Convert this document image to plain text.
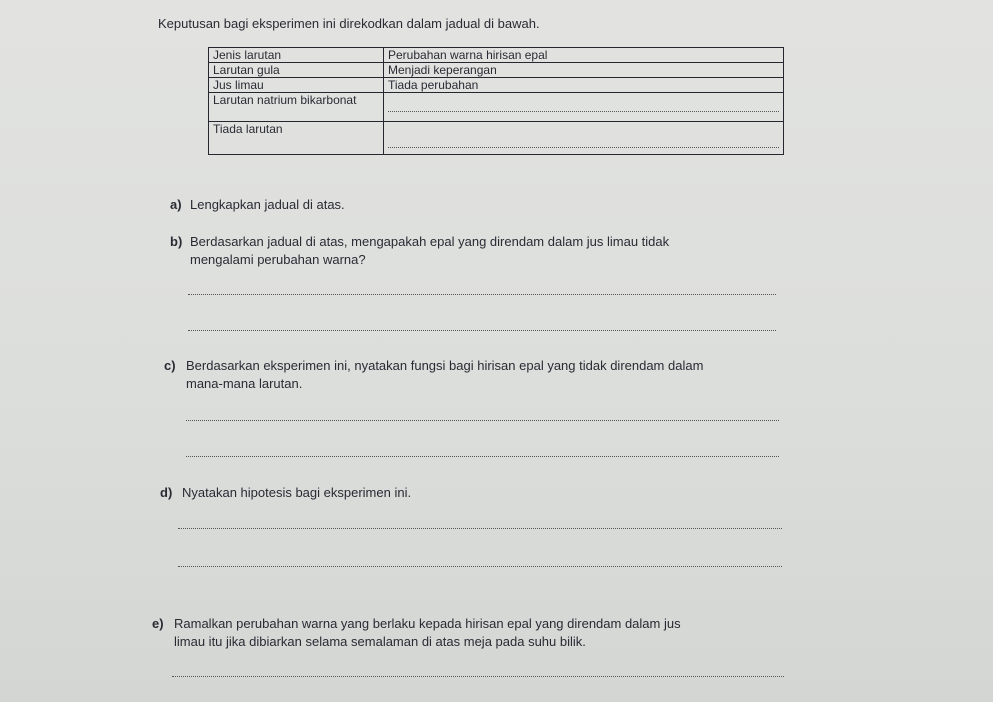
Keputusan bagi eksperimen ini direkodkan dalam jadual di bawah.
Jenis larutan	Perubahan warna hirisan epal
Larutan gula	Menjadi keperangan
Jus limau	Tiada perubahan
Larutan natrium bikarbonat	

Tiada larutan	
a) Lengkapkan jadual di atas.
b) Berdasarkan jadual di atas, mengapakah epal yang direndam dalam jus limau tidak
mengalami perubahan warna?
c) Berdasarkan eksperimen ini, nyatakan fungsi bagi hirisan epal yang tidak direndam dalam
mana-mana larutan.
d) Nyatakan hipotesis bagi eksperimen ini.
e) Ramalkan perubahan warna yang berlaku kepada hirisan epal yang direndam dalam jus
limau itu jika dibiarkan selama semalaman di atas meja pada suhu bilik.
